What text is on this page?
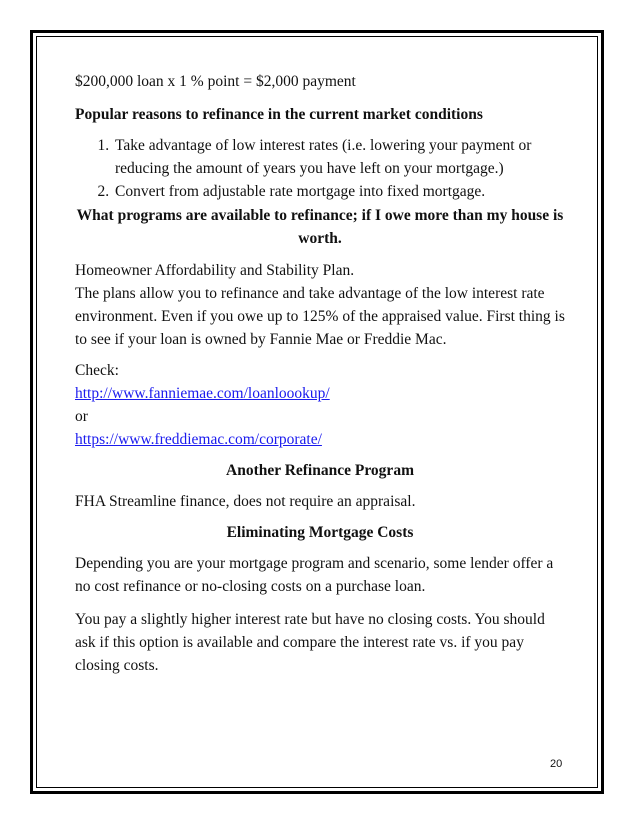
$200,000 loan x 1 % point = $2,000 payment

Popular reasons to refinance in the current market conditions

1. Take advantage of low interest rates (i.e. lowering your payment or reducing the amount of years you have left on your mortgage.)
2. Convert from adjustable rate mortgage into fixed mortgage.

What programs are available to refinance; if I owe more than my house is worth.

Homeowner Affordability and Stability Plan.

The plans allow you to refinance and take advantage of the low interest rate environment. Even if you owe up to 125% of the appraised value. First thing is to see if your loan is owned by Fannie Mae or Freddie Mac.

Check:

http://www.fanniemae.com/loanloookup/

or

https://www.freddiemac.com/corporate/

Another Refinance Program

FHA Streamline finance, does not require an appraisal.

Eliminating Mortgage Costs

Depending you are your mortgage program and scenario, some lender offer a no cost refinance or no-closing costs on a purchase loan.

You pay a slightly higher interest rate but have no closing costs. You should ask if this option is available and compare the interest rate vs. if you pay closing costs.

20
